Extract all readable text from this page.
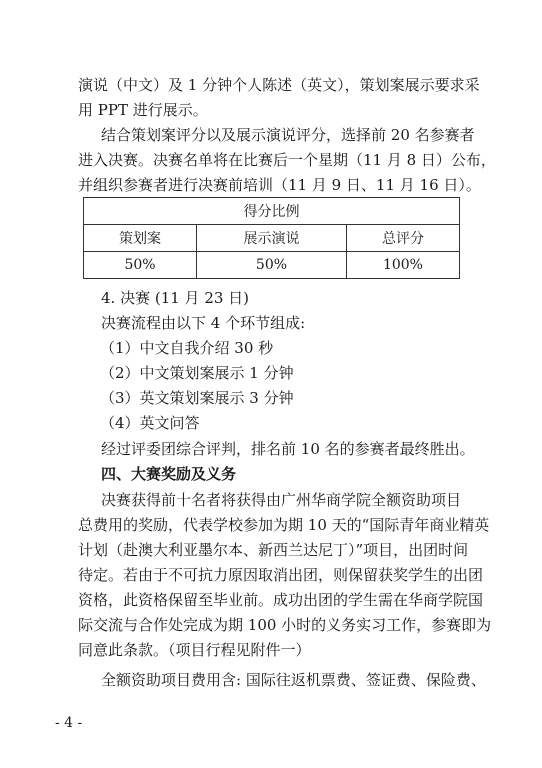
演说（中文）及 1 分钟个人陈述（英文），策划案展示要求采
用 PPT 进行展示。
结合策划案评分以及展示演说评分，选择前 20 名参赛者
进入决赛。决赛名单将在比赛后一个星期（11 月 8 日）公布，
并组织参赛者进行决赛前培训（11 月 9 日、11 月 16 日）。
得分比例		
策划案	展示演说	总评分
50%	50%	100%
4. 决赛 (11 月 23 日)
决赛流程由以下 4 个环节组成:
（1）中文自我介绍 30 秒
（2）中文策划案展示 1 分钟
（3）英文策划案展示 3 分钟
（4）英文问答
经过评委团综合评判，排名前 10 名的参赛者最终胜出。
四、大赛奖励及义务
决赛获得前十名者将获得由广州华商学院全额资助项目
总费用的奖励，代表学校参加为期 10 天的“国际青年商业精英
计划（赴澳大利亚墨尔本、新西兰达尼丁）”项目，出团时间
待定。若由于不可抗力原因取消出团，则保留获奖学生的出团
资格，此资格保留至毕业前。成功出团的学生需在华商学院国
际交流与合作处完成为期 100 小时的义务实习工作，参赛即为
同意此条款。（项目行程见附件一）
全额资助项目费用含: 国际往返机票费、签证费、保险费、
- 4 -
